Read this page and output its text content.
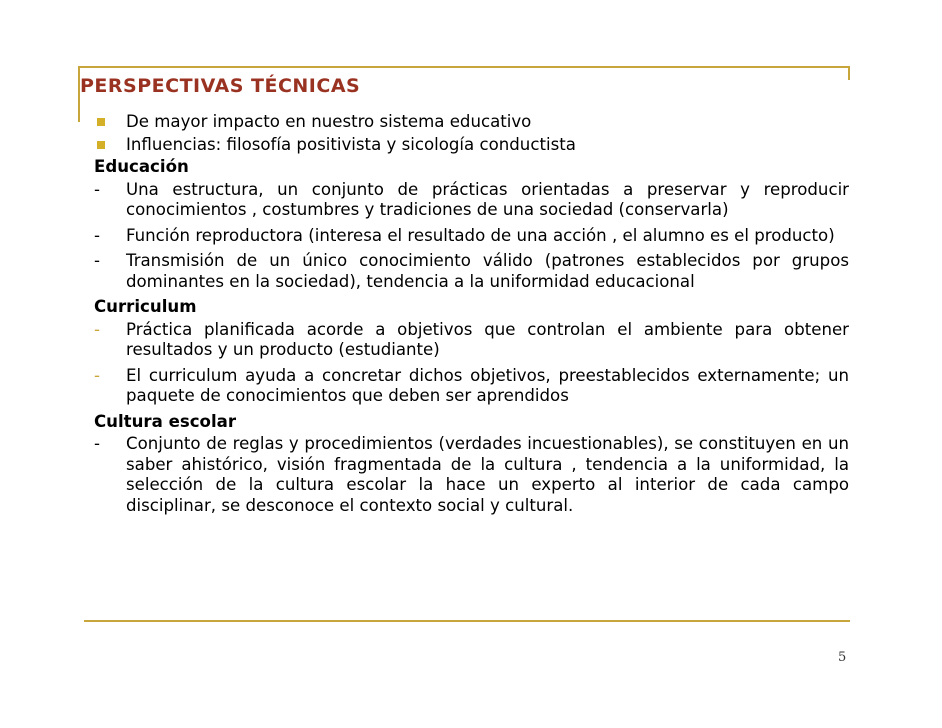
PERSPECTIVAS TÉCNICAS
De mayor impacto en nuestro sistema educativo
Influencias: filosofía positivista y sicología conductista
Educación
- Una estructura, un conjunto de prácticas orientadas a preservar y reproducir conocimientos , costumbres y tradiciones de una sociedad (conservarla)
- Función reproductora (interesa el resultado de una acción , el alumno es el producto)
- Transmisión de un único conocimiento válido (patrones establecidos por grupos dominantes en la sociedad), tendencia a la uniformidad educacional
Curriculum
- Práctica planificada acorde a objetivos que controlan el ambiente para obtener resultados y un producto (estudiante)
- El curriculum ayuda a concretar dichos objetivos, preestablecidos externamente; un paquete de conocimientos que deben ser aprendidos
Cultura escolar
- Conjunto de reglas y procedimientos (verdades incuestionables), se constituyen en un saber ahistórico, visión fragmentada de la cultura , tendencia a la uniformidad, la selección de la cultura escolar la hace un experto al interior de cada campo disciplinar, se desconoce el contexto social y cultural.
5
